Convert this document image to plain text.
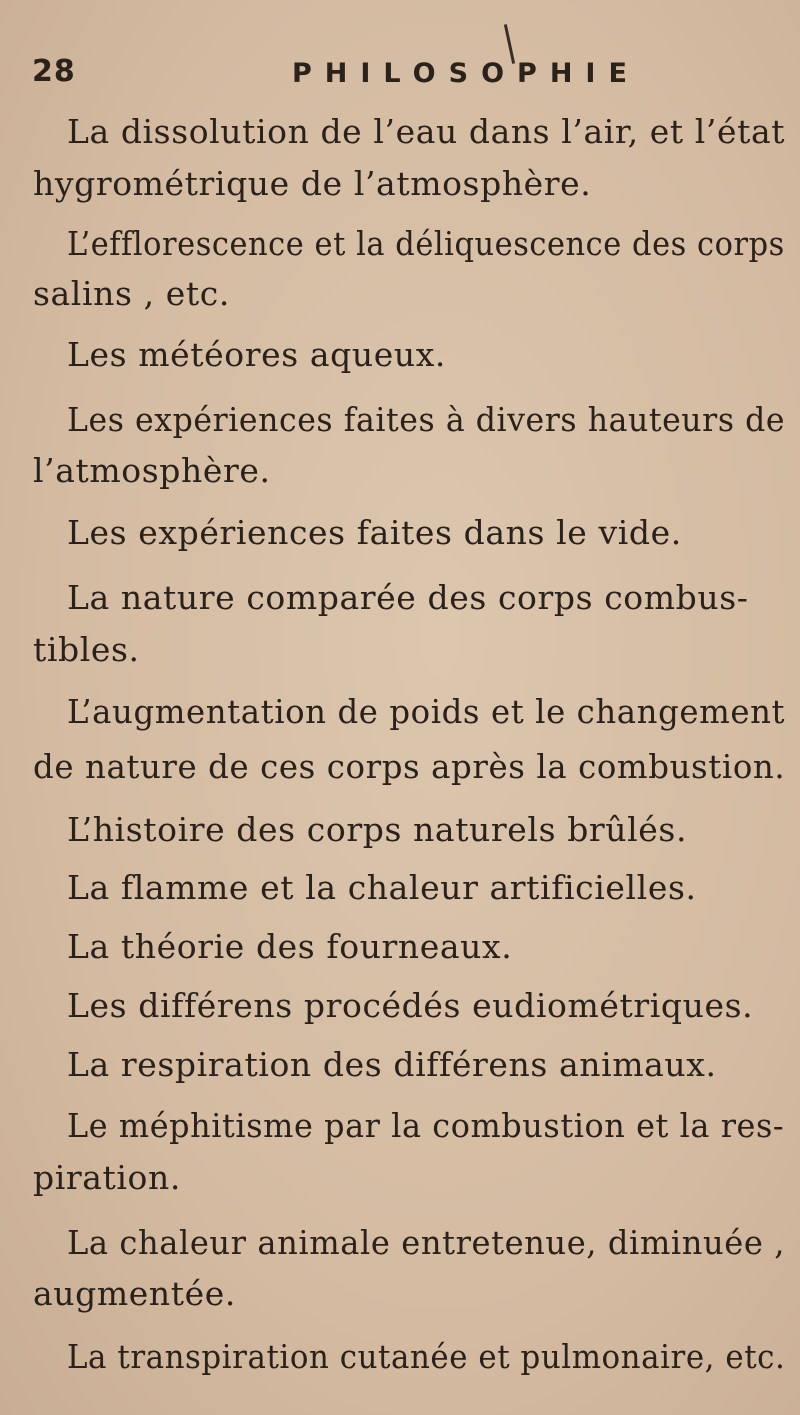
28	PHILOSOPHIE
La dissolution de l’eau dans l’air, et l’état
hygrométrique de l’atmosphère.
L’efflorescence et la déliquescence des corps
salins , etc.
Les météores aqueux.
Les expériences faites à divers hauteurs de
l’atmosphère.
Les expériences faites dans le vide.
La nature comparée des corps combus-
tibles.
L’augmentation de poids et le changement
de nature de ces corps après la combustion.
L’histoire des corps naturels brûlés.
La flamme et la chaleur artificielles.
La théorie des fourneaux.
Les différens procédés eudiométriques.
La respiration des différens animaux.
Le méphitisme par la combustion et la res-
piration.
La chaleur animale entretenue, diminuée ,
augmentée.
La transpiration cutanée et pulmonaire, etc.
